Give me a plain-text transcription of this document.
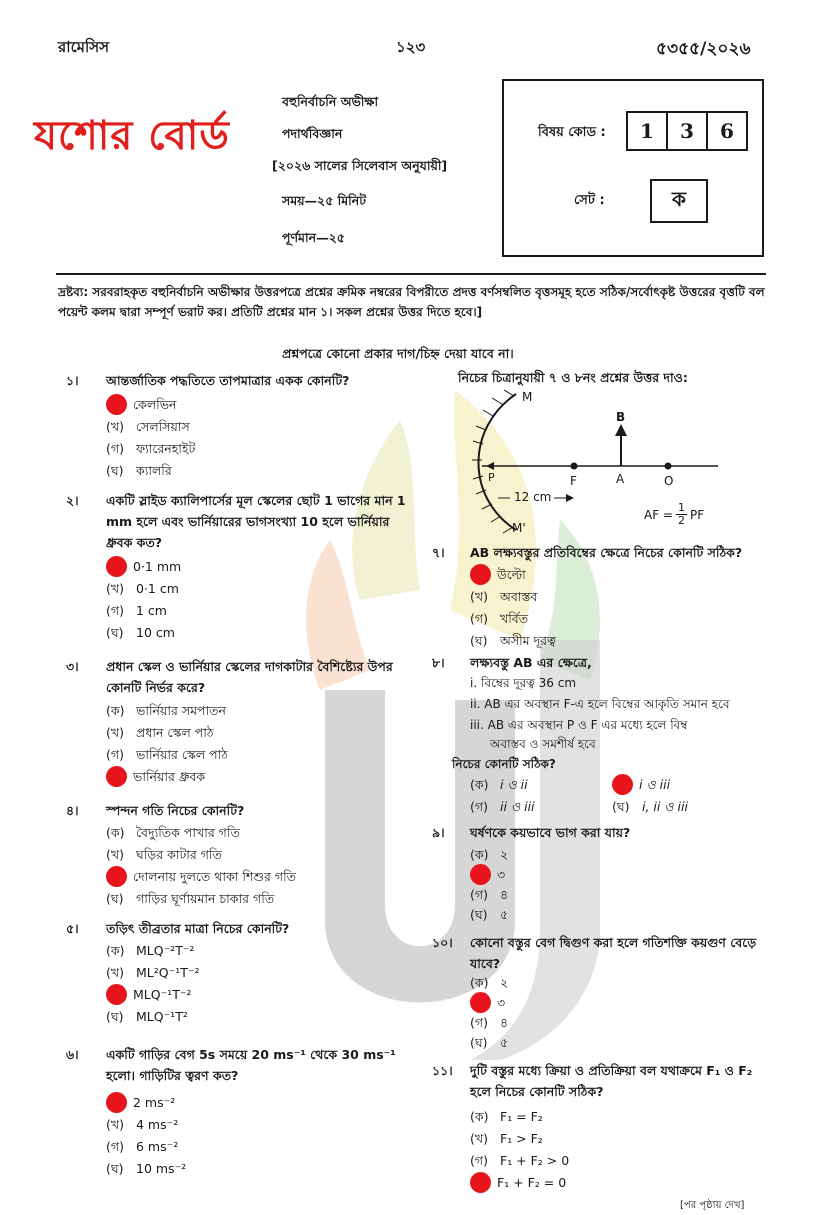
রামেসিস	১২৩	৫৩৫৫/২০২৬
যশোর বোর্ড
বহুনির্বাচনি অভীক্ষা
পদার্থবিজ্ঞান
[২০২৬ সালের সিলেবাস অনুযায়ী]
সময়—২৫ মিনিট
পূর্ণমান—২৫
বিষয় কোড :	1	3	6
সেট :	ক
দ্রষ্টব্য: সরবরাহকৃত বহুনির্বাচনি অভীক্ষার উত্তরপত্রে প্রশ্নের ক্রমিক নম্বরের বিপরীতে প্রদত্ত বর্ণসম্বলিত বৃত্তসমূহ হতে সঠিক/সর্বোৎকৃষ্ট উত্তরের বৃত্তটি বল পয়েন্ট কলম দ্বারা সম্পূর্ণ ভরাট কর। প্রতিটি প্রশ্নের মান ১। সকল প্রশ্নের উত্তর দিতে হবে।]
প্রশ্নপত্রে কোনো প্রকার দাগ/চিহ্ন দেয়া যাবে না।
১। আন্তর্জাতিক পদ্ধতিতে তাপমাত্রার একক কোনটি?
কেলভিন
(খ) সেলসিয়াস
(গ) ফ্যারেনহাইট
(ঘ)	ক্যালরি
২। একটি স্লাইড ক্যালিপার্সের মূল স্কেলের ছোট 1 ভাগের মান 1 mm হলে এবং ভার্নিয়ারের ভাগসংখ্যা 10 হলে ভার্নিয়ার ধ্রুবক কত?
0·1 mm
(খ) 0·1 cm
(গ) 1 cm
(ঘ)	10 cm
৩। প্রধান স্কেল ও ভার্নিয়ার স্কেলের দাগকাটার বৈশিষ্ট্যের উপর কোনটি নির্ভর করে?
(ক) ভার্নিয়ার সমপাতন
(খ) প্রধান স্কেল পাঠ
(গ) ভার্নিয়ার স্কেল পাঠ
ভার্নিয়ার ধ্রুবক
৪। স্পন্দন গতি নিচের কোনটি?
(ক) বৈদ্যুতিক পাখার গতি
(খ) ঘড়ির কাটার গতি
দোলনায় দুলতে থাকা শিশুর গতি
(ঘ)	গাড়ির ঘূর্ণায়মান চাকার গতি
৫। তড়িৎ তীব্রতার মাত্রা নিচের কোনটি?
(ক) MLQ⁻²T⁻²
(খ) ML²Q⁻¹T⁻²
MLQ⁻¹T⁻²
(ঘ)	MLQ⁻¹T²
৬। একটি গাড়ির বেগ 5s সময়ে 20 ms⁻¹ থেকে 30 ms⁻¹ হলো। গাড়িটির ত্বরণ কত?
2 ms⁻²
(খ) 4 ms⁻²
(গ) 6 ms⁻²
(ঘ)	10 ms⁻²
নিচের চিত্রানুযায়ী ৭ ও ৮নং প্রশ্নের উত্তর দাও:
M
M'
B
P	F	A	O
12 cm
AF = $\frac{1}{2}$ PF
৭। AB লক্ষ্যবস্তুর প্রতিবিম্বের ক্ষেত্রে নিচের কোনটি সঠিক?
উল্টো
(খ) অবাস্তব
(গ) খর্বিত
(ঘ)	অসীম দূরত্ব
৮। লক্ষ্যবস্তু AB এর ক্ষেত্রে,
i. বিম্বের দূরত্ব 36 cm
ii. AB এর অবস্থান F-এ হলে বিম্বের আকৃতি সমান হবে
iii. AB এর অবস্থান P ও F এর মধ্যে হলে বিম্ব
অবাস্তব ও সমশীর্ষ হবে
নিচের কোনটি সঠিক?
(ক) i ও ii	i ও iii
(গ) ii ও iii	(ঘ)	i, ii ও iii
৯। ঘর্ষণকে কয়ভাবে ভাগ করা যায়?
(ক) ২
৩
(গ) ৪
(ঘ)	৫
১০। কোনো বস্তুর বেগ দ্বিগুণ করা হলে গতিশক্তি কয়গুণ বেড়ে যাবে?
(ক) ২
৩
(গ) ৪
(ঘ)	৫
১১। দুটি বস্তুর মধ্যে ক্রিয়া ও প্রতিক্রিয়া বল যথাক্রমে F₁ ও F₂ হলে নিচের কোনটি সঠিক?
(ক) F₁ = F₂
(খ) F₁ > F₂
(গ) F₁ + F₂ > 0
F₁ + F₂ = 0
[পর পৃষ্ঠায় দেখ]
